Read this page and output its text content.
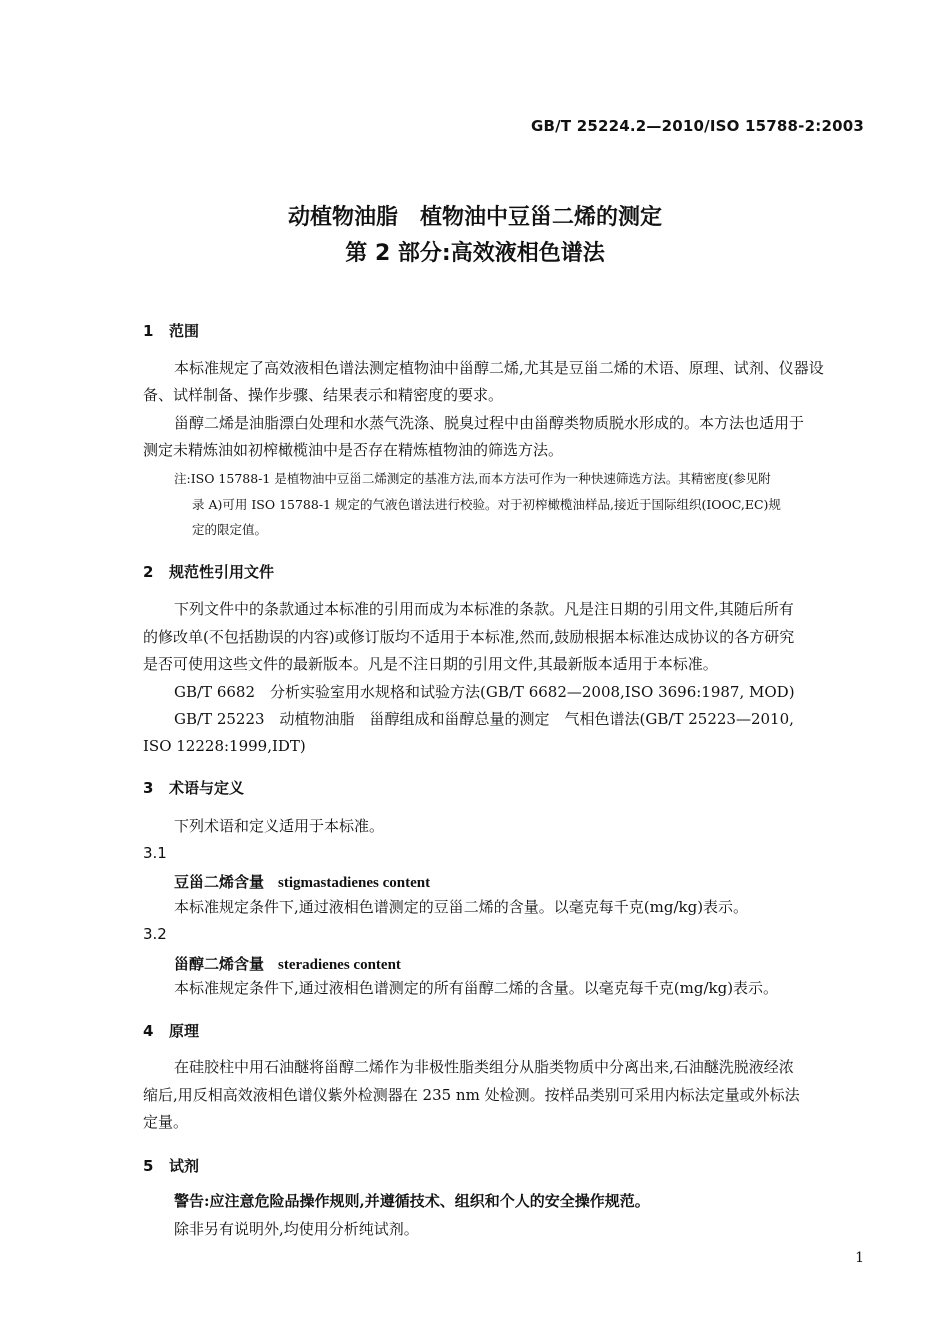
GB/T 25224.2—2010/ISO 15788-2:2003
动植物油脂　植物油中豆甾二烯的测定
第 2 部分:高效液相色谱法
1 范围
本标准规定了高效液相色谱法测定植物油中甾醇二烯,尤其是豆甾二烯的术语、原理、试剂、仪器设
备、试样制备、操作步骤、结果表示和精密度的要求。
甾醇二烯是油脂漂白处理和水蒸气洗涤、脱臭过程中由甾醇类物质脱水形成的。本方法也适用于
测定未精炼油如初榨橄榄油中是否存在精炼植物油的筛选方法。
注:ISO 15788-1 是植物油中豆甾二烯测定的基准方法,而本方法可作为一种快速筛选方法。其精密度(参见附
录 A)可用 ISO 15788-1 规定的气液色谱法进行校验。对于初榨橄榄油样品,接近于国际组织(IOOC,EC)规
定的限定值。
2 规范性引用文件
下列文件中的条款通过本标准的引用而成为本标准的条款。凡是注日期的引用文件,其随后所有
的修改单(不包括勘误的内容)或修订版均不适用于本标准,然而,鼓励根据本标准达成协议的各方研究
是否可使用这些文件的最新版本。凡是不注日期的引用文件,其最新版本适用于本标准。
GB/T 6682　分析实验室用水规格和试验方法(GB/T 6682—2008,ISO 3696:1987, MOD)
GB/T 25223　动植物油脂　甾醇组成和甾醇总量的测定　气相色谱法(GB/T 25223—2010,
ISO 12228:1999,IDT)
3 术语与定义
下列术语和定义适用于本标准。
3.1
豆甾二烯含量 stigmastadienes content
本标准规定条件下,通过液相色谱测定的豆甾二烯的含量。以毫克每千克(mg/kg)表示。
3.2
甾醇二烯含量 steradienes content
本标准规定条件下,通过液相色谱测定的所有甾醇二烯的含量。以毫克每千克(mg/kg)表示。
4 原理
在硅胶柱中用石油醚将甾醇二烯作为非极性脂类组分从脂类物质中分离出来,石油醚洗脱液经浓
缩后,用反相高效液相色谱仪紫外检测器在 235 nm 处检测。按样品类别可采用内标法定量或外标法
定量。
5 试剂
警告:应注意危险品操作规则,并遵循技术、组织和个人的安全操作规范。
除非另有说明外,均使用分析纯试剂。
1
